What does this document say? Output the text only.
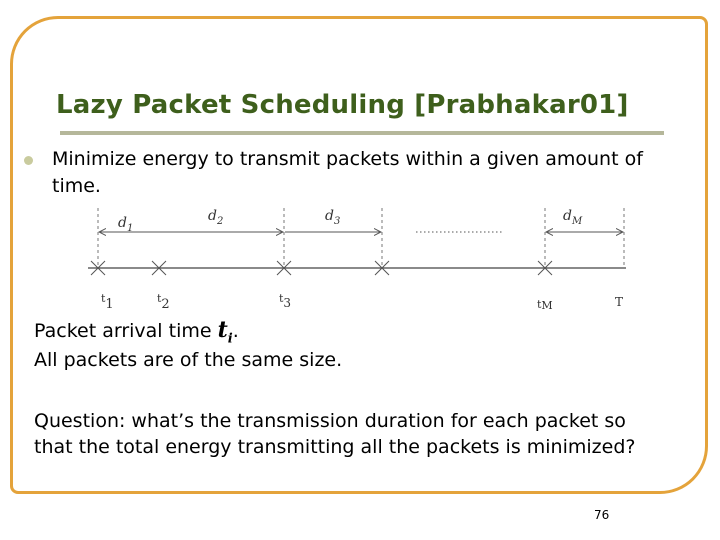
Lazy Packet Scheduling [Prabhakar01]
Minimize energy to transmit packets within a given amount of time.
$d_1$
$d_2$	$d_3$	$d_M$
t1	t2	t3	tM	T
Packet arrival time $t_i$.
All packets are of the same size.
Question: what’s the transmission duration for each packet so that the total energy transmitting all the packets is minimized?
76
